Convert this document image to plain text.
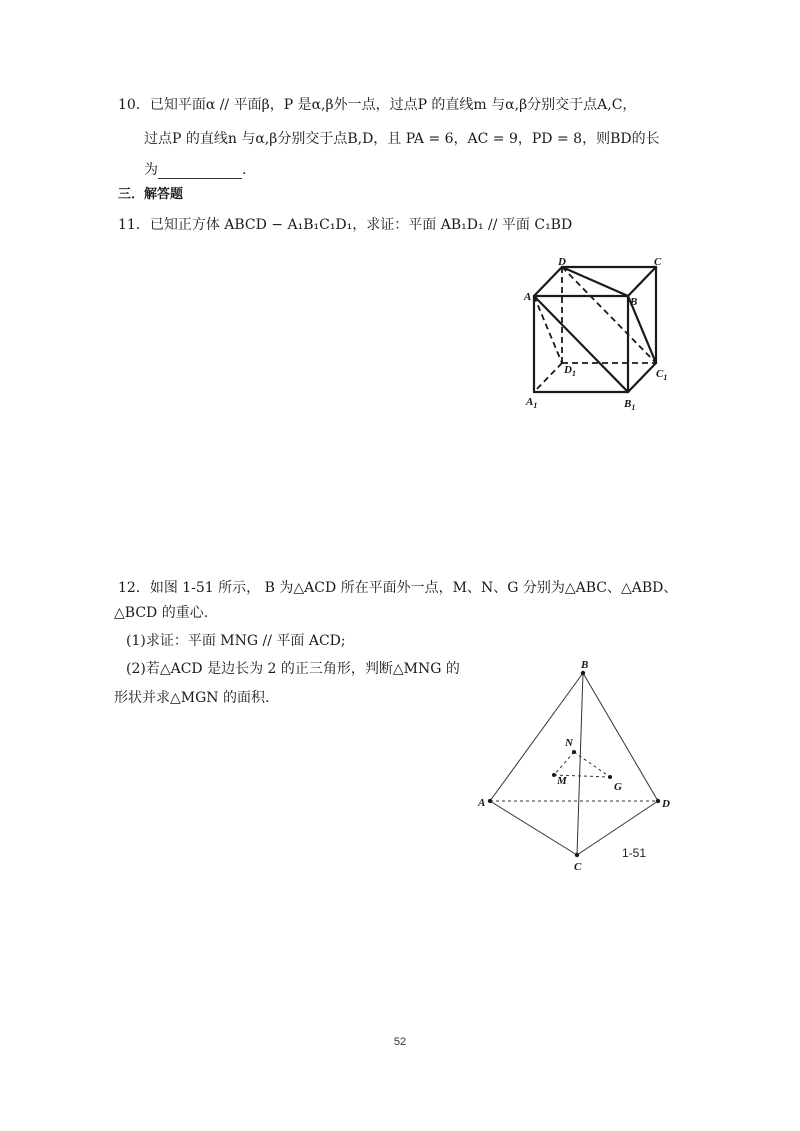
10．已知平面α // 平面β，P 是α,β外一点，过点P 的直线m 与α,β分别交于点A,C，
过点P 的直线n 与α,β分别交于点B,D，且 PA = 6，AC = 9，PD = 8，则BD的长
为	.
三．解答题
11．已知正方体 ABCD − A₁B₁C₁D₁，求证：平面 AB₁D₁ // 平面 C₁BD
D	C
A	B
$D_1$	$C_1$
$A_1$	$B_1$
12．如图 1-51 所示， B 为△ACD 所在平面外一点，M、N、G 分别为△ABC、△ABD、
△BCD 的重心.
(1)求证：平面 MNG // 平面 ACD;
(2)若△ACD 是边长为 2 的正三角形，判断△MNG 的
形状并求△MGN 的面积.
B
N
M	G
A	D
C
1-51
52
